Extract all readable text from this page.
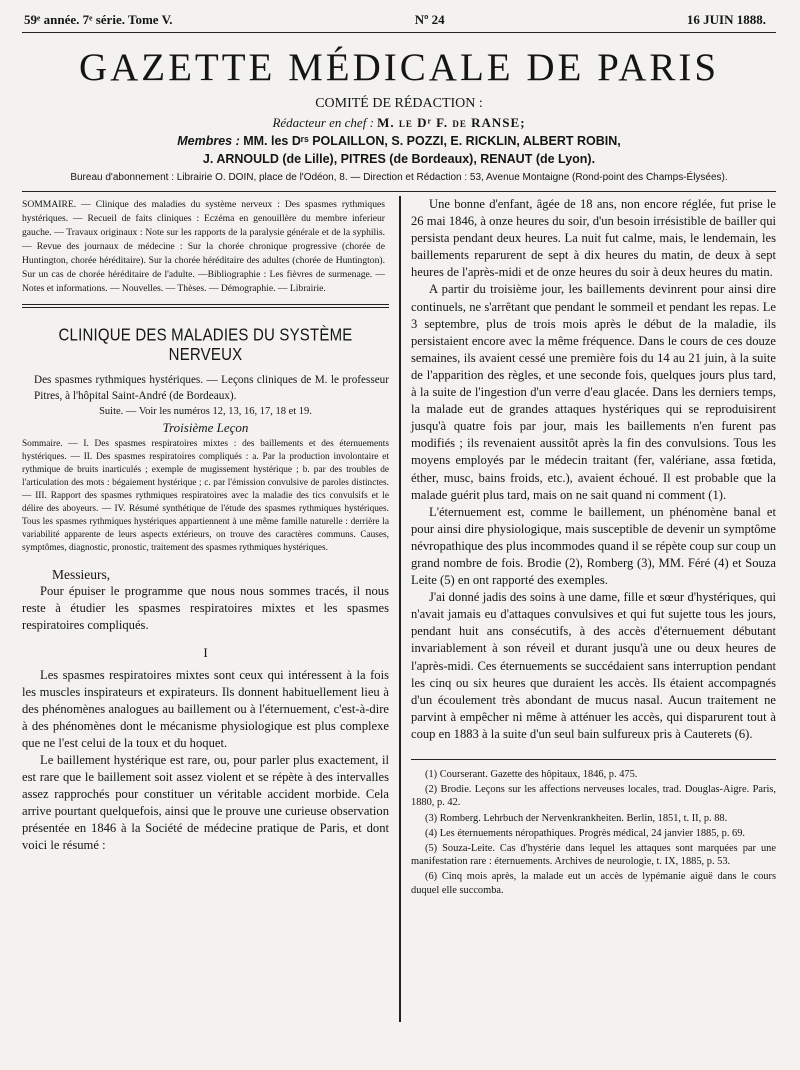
59ᵉ année. 7ᵉ série. Tome V.	Nº 24	16 JUIN 1888.
GAZETTE MÉDICALE DE PARIS
COMITÉ DE RÉDACTION :
Rédacteur en chef : M. le Dʳ F. de RANSE;
Membres : MM. les Dʳˢ POLAILLON, S. POZZI, E. RICKLIN, ALBERT ROBIN,
J. ARNOULD (de Lille), PITRES (de Bordeaux), RENAUT (de Lyon).
Bureau d'abonnement : Librairie O. DOIN, place de l'Odéon, 8. — Direction et Rédaction : 53, Avenue Montaigne (Rond-point des Champs-Élysées).
SOMMAIRE. — Clinique des maladies du système nerveux : Des spasmes rythmiques hystériques. — Recueil de faits cliniques : Eczéma en genouillère du membre inferieur gauche. — Travaux originaux : Note sur les rapports de la paralysie générale et de la syphilis. — Revue des journaux de médecine : Sur la chorée chronique progressive (chorée de Huntington, chorée héréditaire). Sur la chorée héréditaire des adultes (chorée de Huntington). Sur un cas de chorée héréditaire de l'adulte. —Bibliographie : Les fièvres de surmenage. — Notes et informations. — Nouvelles. — Thèses. — Démographie. — Librairie.
CLINIQUE DES MALADIES DU SYSTÈME NERVEUX
Des spasmes rythmiques hystériques. — Leçons cliniques de M. le professeur Pitres, à l'hôpital Saint-André (de Bordeaux).
Suite. — Voir les numéros 12, 13, 16, 17, 18 et 19.
Troisième Leçon
Sommaire. — I. Des spasmes respiratoires mixtes : des baillements et des éternuements hystériques. — II. Des spasmes respiratoires compliqués : a. Par la production involontaire et rythmique de bruits inarticulés ; exemple de mugissement hystérique ; b. par des troubles de l'articulation des mots : bégaiement hystérique ; c. par l'émission convulsive de paroles distinctes. — III. Rapport des spasmes rythmiques respiratoires avec la maladie des tics convulsifs et le délire des aboyeurs. — IV. Résumé synthétique de l'étude des spasmes rythmiques hystériques. Tous les spasmes rythmiques hystériques appartiennent à une même famille naturelle : derrière la variabilité apparente de leurs aspects extérieurs, on trouve des caractères communs. Causes, symptômes, diagnostic, pronostic, traitement des spasmes rythmiques hystériques.
Messieurs,

Pour épuiser le programme que nous nous sommes tracés, il nous reste à étudier les spasmes respiratoires mixtes et les spasmes respiratoires compliqués.

I

Les spasmes respiratoires mixtes sont ceux qui intéressent à la fois les muscles inspirateurs et expirateurs. Ils donnent habituellement lieu à des phénomènes analogues au baillement ou à l'éternuement, c'est-à-dire à des phénomènes dont le mécanisme physiologique est plus complexe que ne l'est celui de la toux et du hoquet.

Le baillement hystérique est rare, ou, pour parler plus exactement, il est rare que le baillement soit assez violent et se répète à des intervalles assez rapprochés pour constituer un véritable accident morbide. Cela arrive pourtant quelquefois, ainsi que le prouve une curieuse observation présentée en 1846 à la Société de médecine pratique de Paris, et dont voici le résumé :

Une bonne d'enfant, âgée de 18 ans, non encore réglée, fut prise le 26 mai 1846, à onze heures du soir, d'un besoin irrésistible de bailler qui persista pendant deux heures. La nuit fut calme, mais, le lendemain, les baillements reparurent de sept à dix heures du matin, de deux à sept heures de l'après-midi et de onze heures du soir à deux heures du matin.

A partir du troisième jour, les baillements devinrent pour ainsi dire continuels, ne s'arrêtant que pendant le sommeil et pendant les repas. Le 3 septembre, plus de trois mois après le début de la maladie, ils persistaient encore avec la même fréquence. Dans le cours de ces douze semaines, ils avaient cessé une première fois du 14 au 21 juin, à la suite de l'apparition des règles, et une seconde fois, quelques jours plus tard, à la suite de l'ingestion d'un verre d'eau glacée. Dans les derniers temps, la malade eut de grandes attaques hystériques qui se reproduisirent jusqu'à quatre fois par jour, mais les baillements n'en furent pas modifiés ; ils revenaient aussitôt après la fin des convulsions. Tous les moyens employés par le médecin traitant (fer, valériane, assa fœtida, éther, musc, bains froids, etc.), avaient échoué. Il est probable que la malade guérit plus tard, mais on ne sait quand ni comment (1).

L'éternuement est, comme le baillement, un phénomène banal et pour ainsi dire physiologique, mais susceptible de devenir un symptôme névropathique des plus incommodes quand il se répète coup sur coup un grand nombre de fois. Brodie (2), Romberg (3), MM. Féré (4) et Souza Leite (5) en ont rapporté des exemples.

J'ai donné jadis des soins à une dame, fille et sœur d'hystériques, qui n'avait jamais eu d'attaques convulsives et qui fut sujette tous les jours, pendant huit ans consécutifs, à des accès d'éternuement débutant invariablement à son réveil et durant jusqu'à une ou deux heures de l'après-midi. Ces éternuements se succédaient sans interruption pendant les cinq ou six heures que duraient les accès. Ils étaient accompagnés d'un écoulement très abondant de mucus nasal. Aucun traitement ne parvint à empêcher ni même à atténuer les accès, qui disparurent tout à coup en 1883 à la suite d'un seul bain sulfureux pris à Cauterets (6).

(1) Courserant. Gazette des hôpitaux, 1846, p. 475.

(2) Brodie. Leçons sur les affections nerveuses locales, trad. Douglas-Aigre. Paris, 1880, p. 42.

(3) Romberg. Lehrbuch der Nervenkrankheiten. Berlin, 1851, t. II, p. 88.

(4) Les éternuements néropathiques. Progrès médical, 24 janvier 1885, p. 69.

(5) Souza-Leite. Cas d'hystérie dans lequel les attaques sont marquées par une manifestation rare : éternuements. Archives de neurologie, t. IX, 1885, p. 53.

(6) Cinq mois après, la malade eut un accès de lypémanie aiguë dans le cours duquel elle succomba.
